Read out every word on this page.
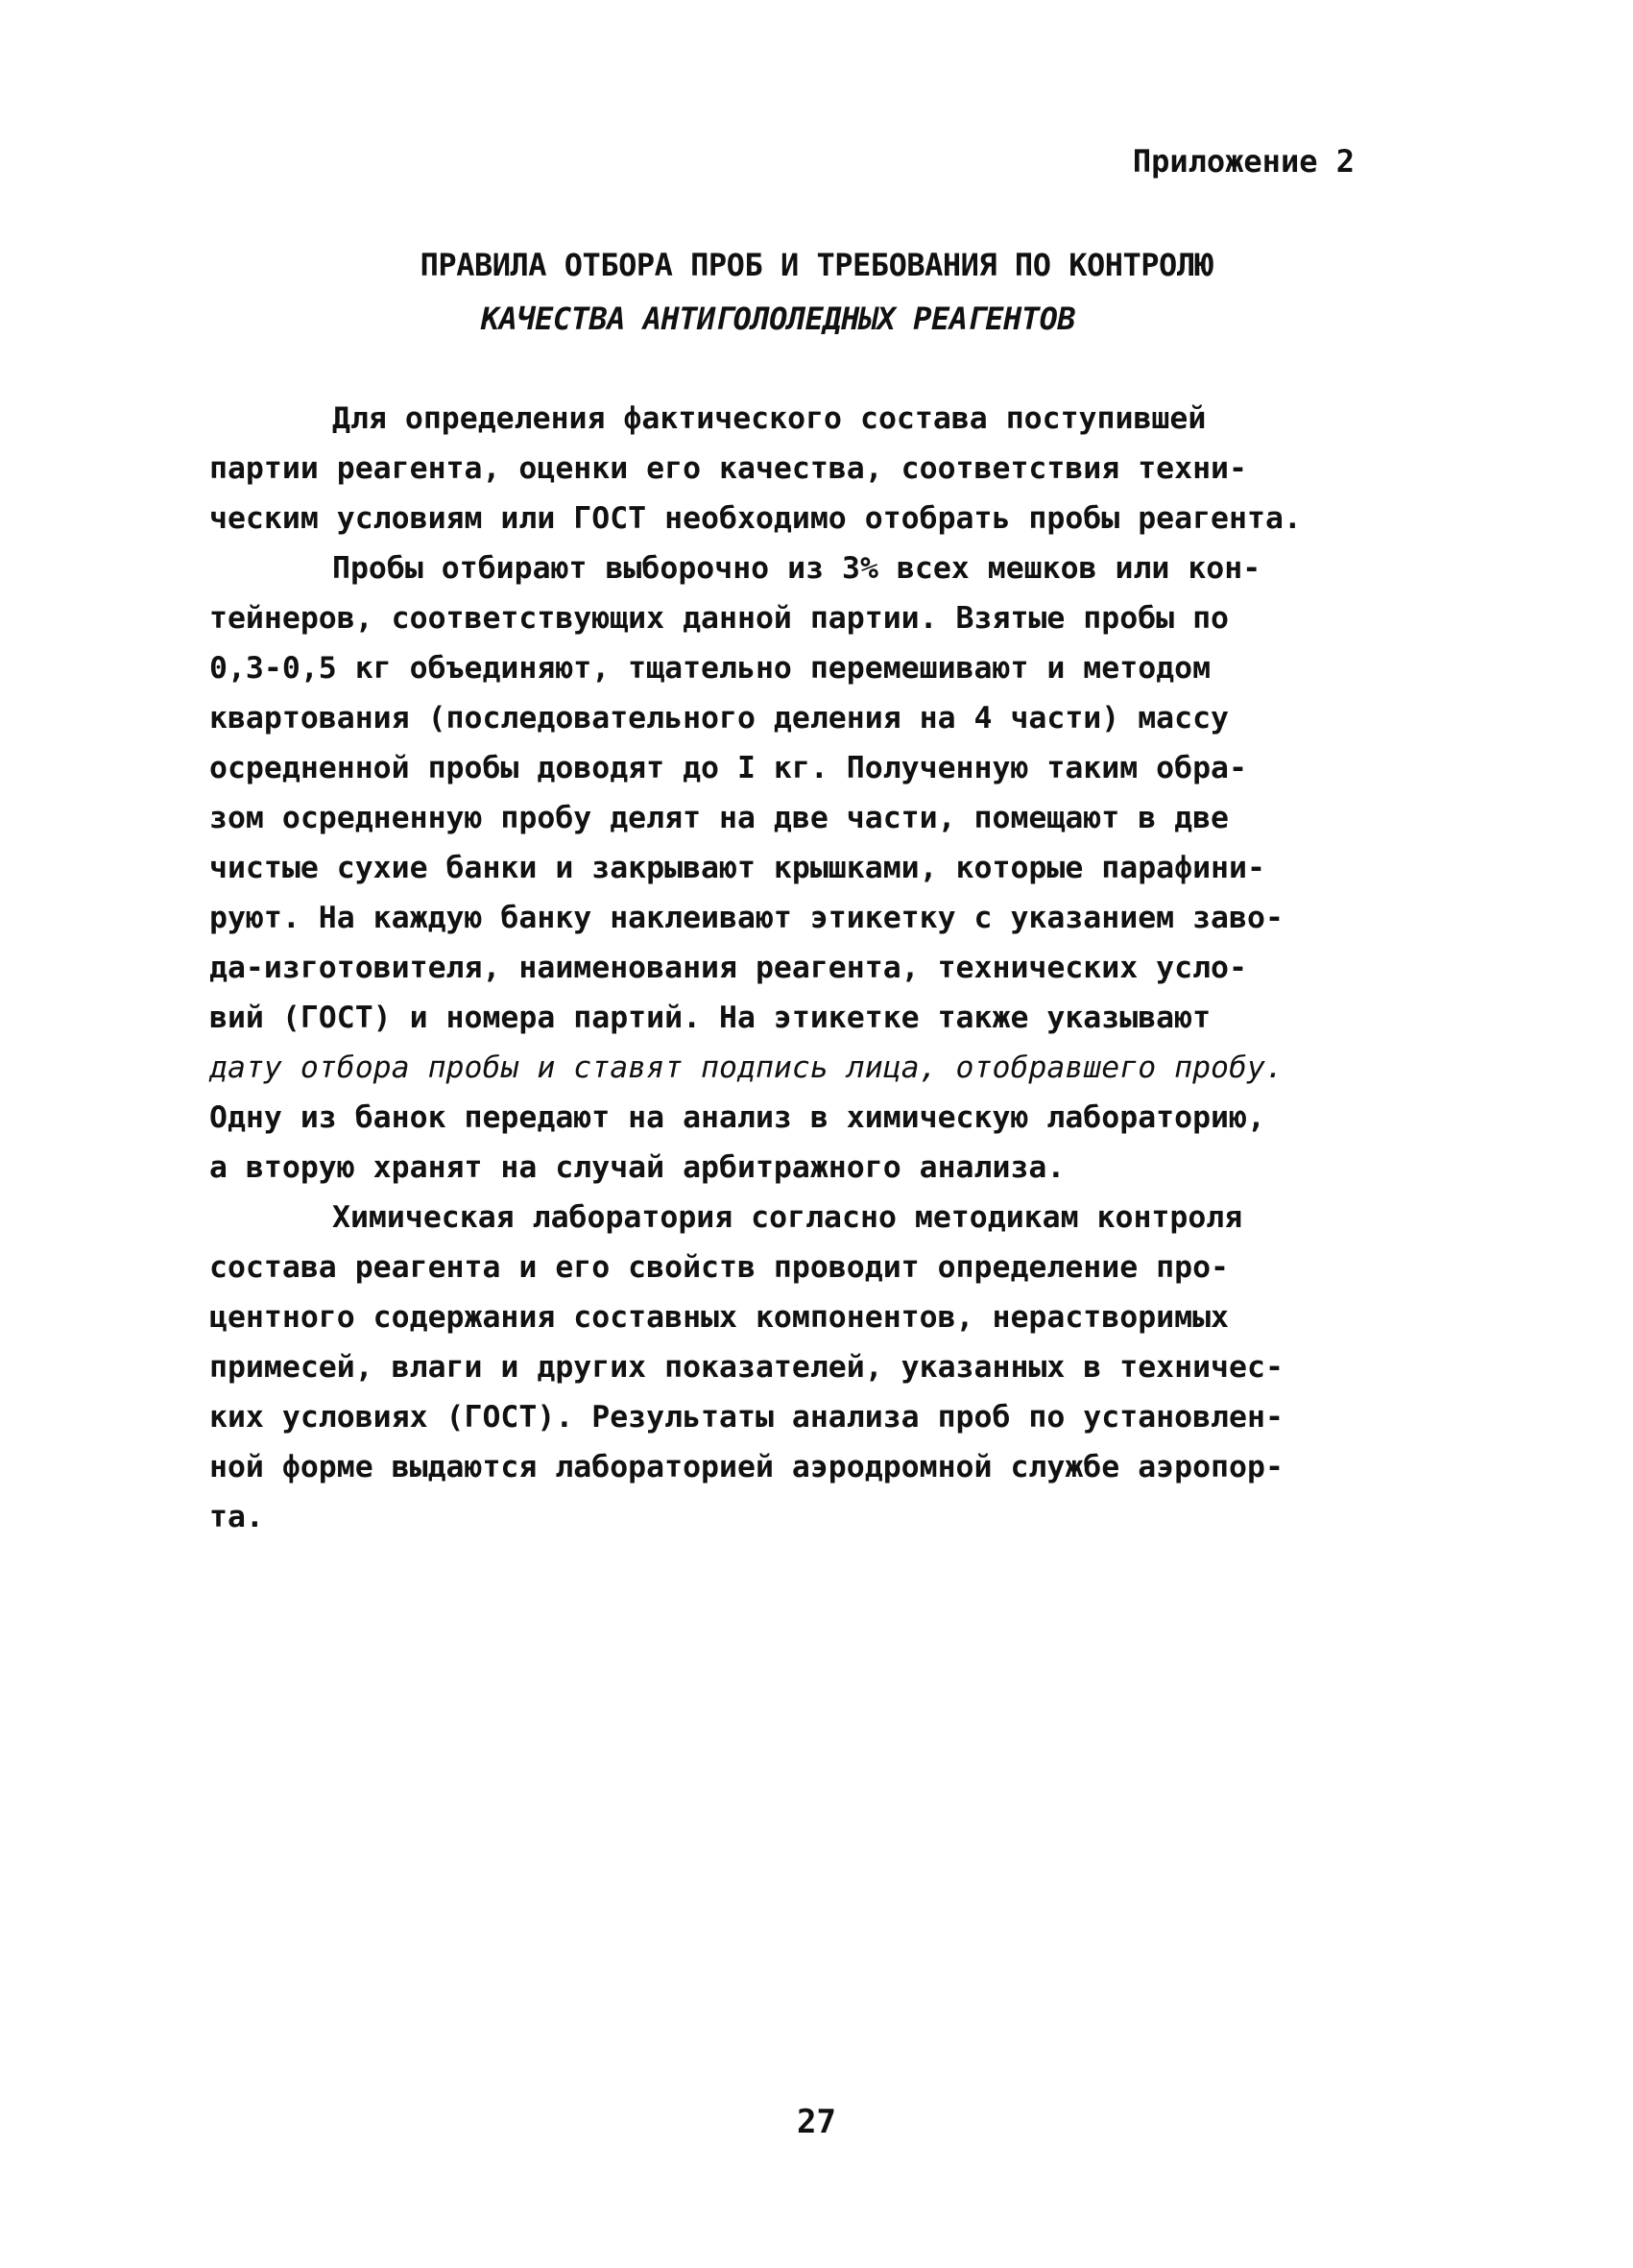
Приложение 2
ПРАВИЛА ОТБОРА ПРОБ И ТРЕБОВАНИЯ ПО КОНТРОЛЮ
КАЧЕСТВА АНТИГОЛОЛЕДНЫХ РЕАГЕНТОВ

Для определения фактического состава поступившей
партии реагента, оценки его качества, соответствия техни-
ческим условиям или ГОСТ необходимо отобрать пробы реагента.

Пробы отбирают выборочно из 3% всех мешков или кон-
тейнеров, соответствующих данной партии. Взятые пробы по
0,3-0,5 кг объединяют, тщательно перемешивают и методом
квартования (последовательного деления на 4 части) массу
осредненной пробы доводят до I кг. Полученную таким обра-
зом осредненную пробу делят на две части, помещают в две
чистые сухие банки и закрывают крышками, которые парафини-
руют. На каждую банку наклеивают этикетку с указанием заво-
да-изготовителя, наименования реагента, технических усло-
вий (ГОСТ) и номера партий. На этикетке также указывают
дату отбора пробы и ставят подпись лица, отобравшего пробу.
Одну из банок передают на анализ в химическую лабораторию,
а вторую хранят на случай арбитражного анализа.

Химическая лаборатория согласно методикам контроля
состава реагента и его свойств проводит определение про-
центного содержания составных компонентов, нерастворимых
примесей, влаги и других показателей, указанных в техничес-
ких условиях (ГОСТ). Результаты анализа проб по установлен-
ной форме выдаются лабораторией аэродромной службе аэропор-
та.

27
